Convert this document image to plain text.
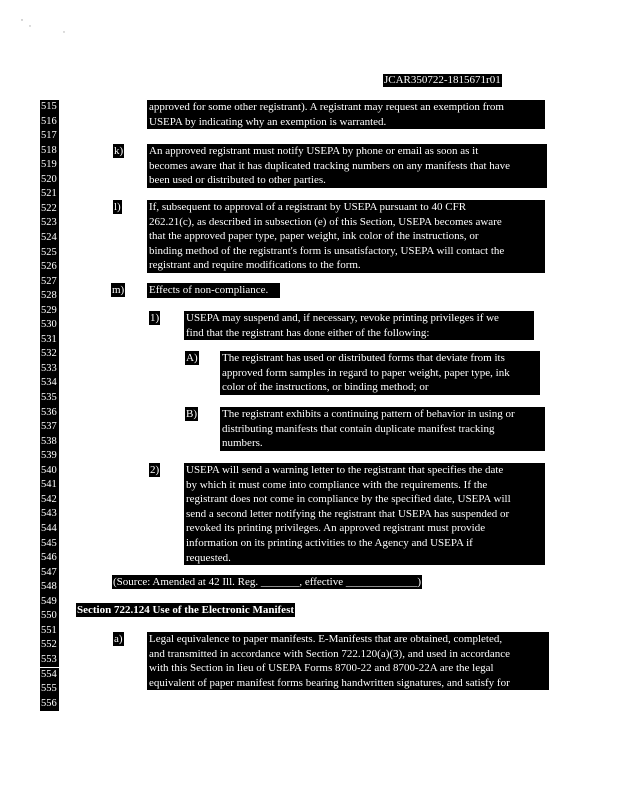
JCAR350722-1815671r01
515
516
517
518
519
520
521
522
523
524
525
526
527
528
529
530
531
532
533
534
535
536
537
538
539
540
541
542
543
544
545
546
547
548
549
550
551
552
553
554
555
556
approved for some other registrant). A registrant may request an exemption from
USEPA by indicating why an exemption is warranted.
k) An approved registrant must notify USEPA by phone or email as soon as it
becomes aware that it has duplicated tracking numbers on any manifests that have
been used or distributed to other parties.
l)	If, subsequent to approval of a registrant by USEPA pursuant to 40 CFR
262.21(c), as described in subsection (e) of this Section, USEPA becomes aware
that the approved paper type, paper weight, ink color of the instructions, or
binding method of the registrant's form is unsatisfactory, USEPA will contact the
registrant and require modifications to the form.
m) Effects of non-compliance.
1) USEPA may suspend and, if necessary, revoke printing privileges if we
find that the registrant has done either of the following:
A) The registrant has used or distributed forms that deviate from its
approved form samples in regard to paper weight, paper type, ink
color of the instructions, or binding method; or
B) The registrant exhibits a continuing pattern of behavior in using or
distributing manifests that contain duplicate manifest tracking
numbers.
2) USEPA will send a warning letter to the registrant that specifies the date
by which it must come into compliance with the requirements. If the
registrant does not come in compliance by the specified date, USEPA will
send a second letter notifying the registrant that USEPA has suspended or
revoked its printing privileges. An approved registrant must provide
information on its printing activities to the Agency and USEPA if
requested.
(Source: Amended at 42 Ill. Reg. _______, effective _____________)
Section 722.124 Use of the Electronic Manifest
a) Legal equivalence to paper manifests. E-Manifests that are obtained, completed,
and transmitted in accordance with Section 722.120(a)(3), and used in accordance
with this Section in lieu of USEPA Forms 8700-22 and 8700-22A are the legal
equivalent of paper manifest forms bearing handwritten signatures, and satisfy for
